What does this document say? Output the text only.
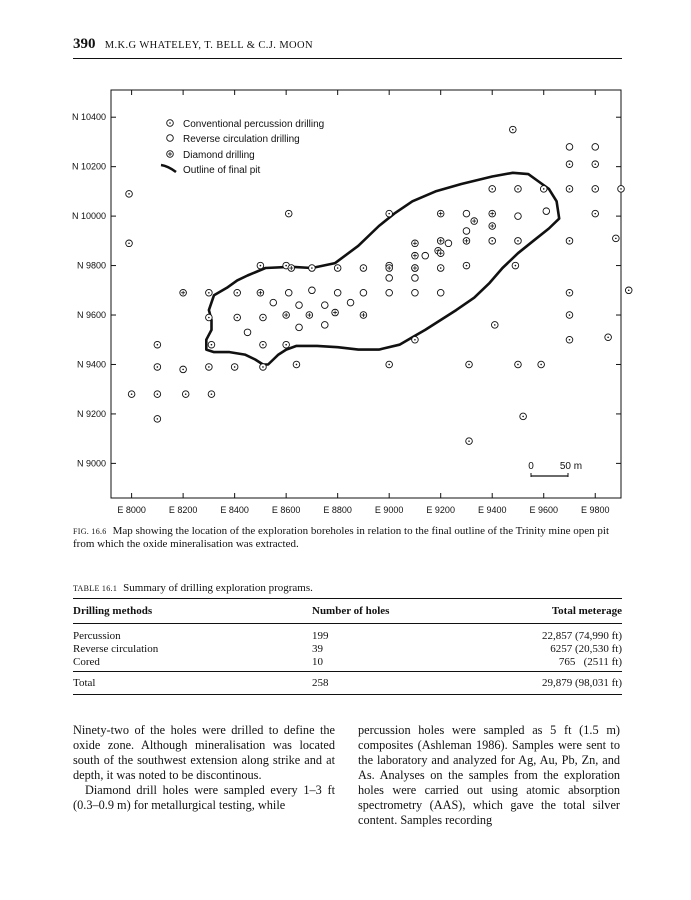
390 M.K.G WHATELEY, T. BELL & C.J. MOON
E 8000	E 8200	E 8400	E 8600	E 8800	E 9000	E 9200	E 9400	E 9600	E 9800
N 9000
N 9200
N 9400
N 9600
N 9800
N 10000
N 10200
N 10400
Conventional percussion drilling
Reverse circulation drilling
Diamond drilling
Outline of final pit
0	50 m
FIG. 16.6 Map showing the location of the exploration boreholes in relation to the final outline of the Trinity mine open pit from which the oxide mineralisation was extracted.
TABLE 16.1 Summary of drilling exploration programs.
Drilling methods	Number of holes	Total meterage
Percussion	199	22,857 (74,990 ft)
Reverse circulation	39	6257 (20,530 ft)
Cored	10	765   (2511 ft)
Total	258	29,879 (98,031 ft)

Ninety-two of the holes were drilled to define the oxide zone. Although mineralisation was located south of the southwest extension along strike and at depth, it was noted to be discontinous.

Diamond drill holes were sampled every 1–3 ft (0.3–0.9 m) for metallurgical testing, while

percussion holes were sampled as 5 ft (1.5 m) composites (Ashleman 1986). Samples were sent to the laboratory and analyzed for Ag, Au, Pb, Zn, and As. Analyses on the samples from the exploration holes were carried out using atomic absorption spectrometry (AAS), which gave the total silver content. Samples recording
